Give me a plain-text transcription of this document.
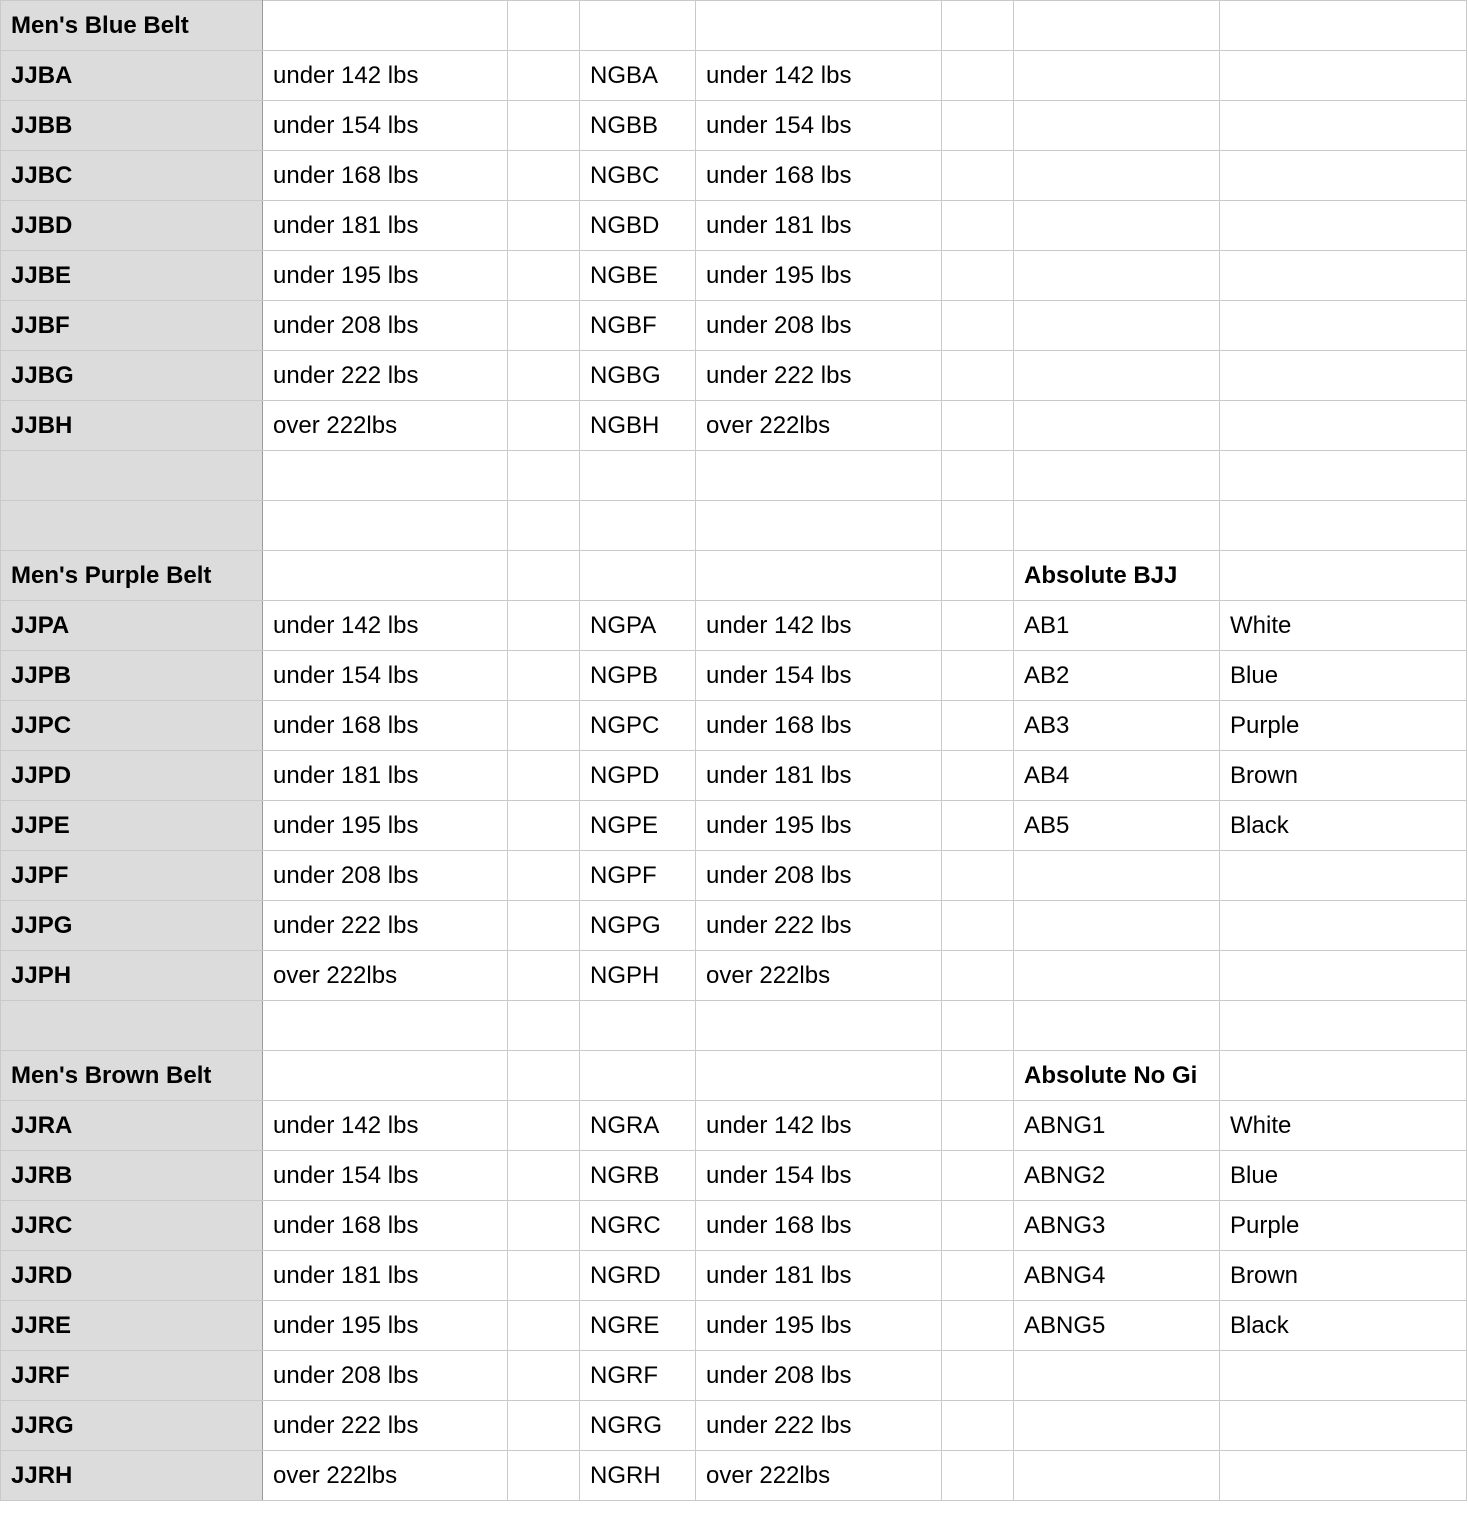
Men's Blue Belt							
JJBA	under 142 lbs		NGBA	under 142 lbs			
JJBB	under 154 lbs		NGBB	under 154 lbs			
JJBC	under 168 lbs		NGBC	under 168 lbs			
JJBD	under 181 lbs		NGBD	under 181 lbs			
JJBE	under 195 lbs		NGBE	under 195 lbs			
JJBF	under 208 lbs		NGBF	under 208 lbs			
JJBG	under 222 lbs		NGBG	under 222 lbs			
JJBH	over 222lbs		NGBH	over 222lbs			

Men's Purple Belt						Absolute BJJ	
JJPA	under 142 lbs		NGPA	under 142 lbs		AB1	White
JJPB	under 154 lbs		NGPB	under 154 lbs		AB2	Blue
JJPC	under 168 lbs		NGPC	under 168 lbs		AB3	Purple
JJPD	under 181 lbs		NGPD	under 181 lbs		AB4	Brown
JJPE	under 195 lbs		NGPE	under 195 lbs		AB5	Black
JJPF	under 208 lbs		NGPF	under 208 lbs			
JJPG	under 222 lbs		NGPG	under 222 lbs			
JJPH	over 222lbs		NGPH	over 222lbs			

Men's Brown Belt						Absolute No Gi	
JJRA	under 142 lbs		NGRA	under 142 lbs		ABNG1	White
JJRB	under 154 lbs		NGRB	under 154 lbs		ABNG2	Blue
JJRC	under 168 lbs		NGRC	under 168 lbs		ABNG3	Purple
JJRD	under 181 lbs		NGRD	under 181 lbs		ABNG4	Brown
JJRE	under 195 lbs		NGRE	under 195 lbs		ABNG5	Black
JJRF	under 208 lbs		NGRF	under 208 lbs			
JJRG	under 222 lbs		NGRG	under 222 lbs			
JJRH	over 222lbs		NGRH	over 222lbs			
